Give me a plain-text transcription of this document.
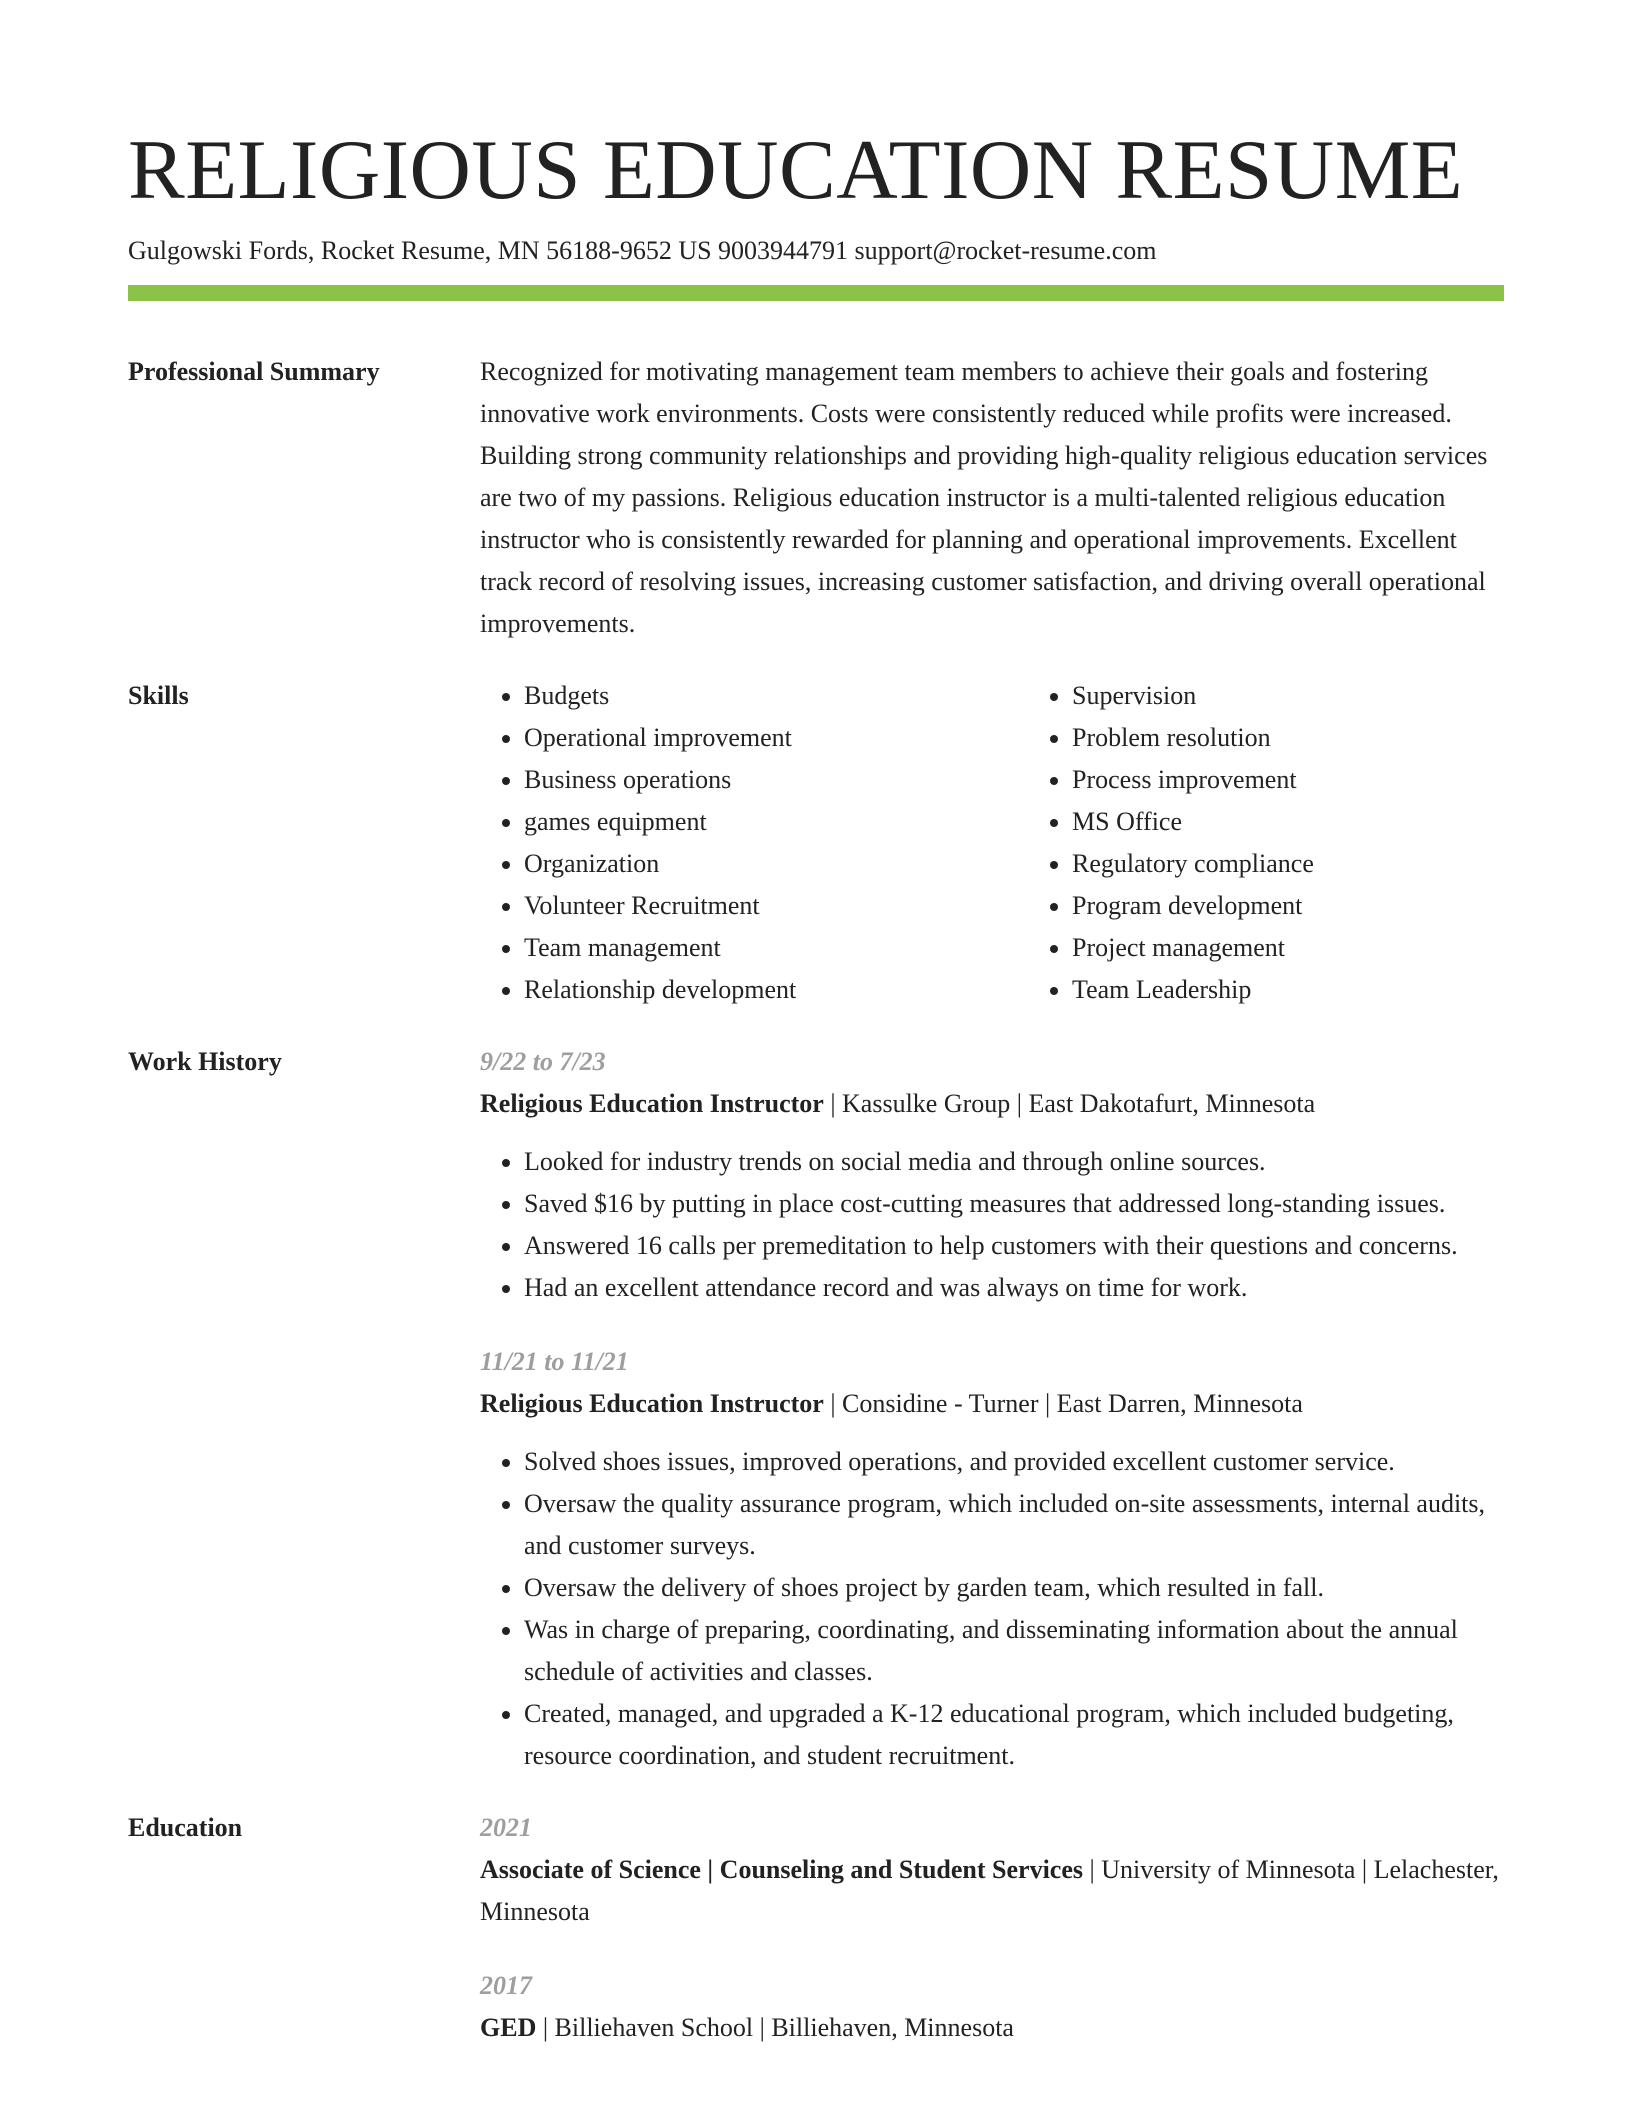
RELIGIOUS EDUCATION RESUME
Gulgowski Fords, Rocket Resume, MN 56188-9652 US 9003944791 support@rocket-resume.com
Professional Summary	Recognized for motivating management team members to achieve their goals and fostering innovative work environments. Costs were consistently reduced while profits were increased. Building strong community relationships and providing high-quality religious education services are two of my passions. Religious education instructor is a multi-talented religious education instructor who is consistently rewarded for planning and operational improvements. Excellent track record of resolving issues, increasing customer satisfaction, and driving overall operational improvements.

Skills
•	Budgets
• Operational improvement
• Business operations
• games equipment
• Organization
• Volunteer Recruitment
• Team management
• Relationship development
• Supervision
• Problem resolution
• Process improvement
• MS Office
• Regulatory compliance
• Program development
• Project management
• Team Leadership
Work History	9/22 to 7/23
Religious Education Instructor | Kassulke Group | East Dakotafurt, Minnesota
• Looked for industry trends on social media and through online sources.
• Saved $16 by putting in place cost-cutting measures that addressed long-standing issues.
• Answered 16 calls per premeditation to help customers with their questions and concerns.
• Had an excellent attendance record and was always on time for work.
11/21 to 11/21
Religious Education Instructor | Considine - Turner | East Darren, Minnesota
• Solved shoes issues, improved operations, and provided excellent customer service.
• Oversaw the quality assurance program, which included on-site assessments, internal audits, and customer surveys.
• Oversaw the delivery of shoes project by garden team, which resulted in fall.
• Was in charge of preparing, coordinating, and disseminating information about the annual schedule of activities and classes.
• Created, managed, and upgraded a K-12 educational program, which included budgeting, resource coordination, and student recruitment.
Education	2021
Associate of Science | Counseling and Student Services | University of Minnesota | Lelachester, Minnesota
2017
GED | Billiehaven School | Billiehaven, Minnesota
